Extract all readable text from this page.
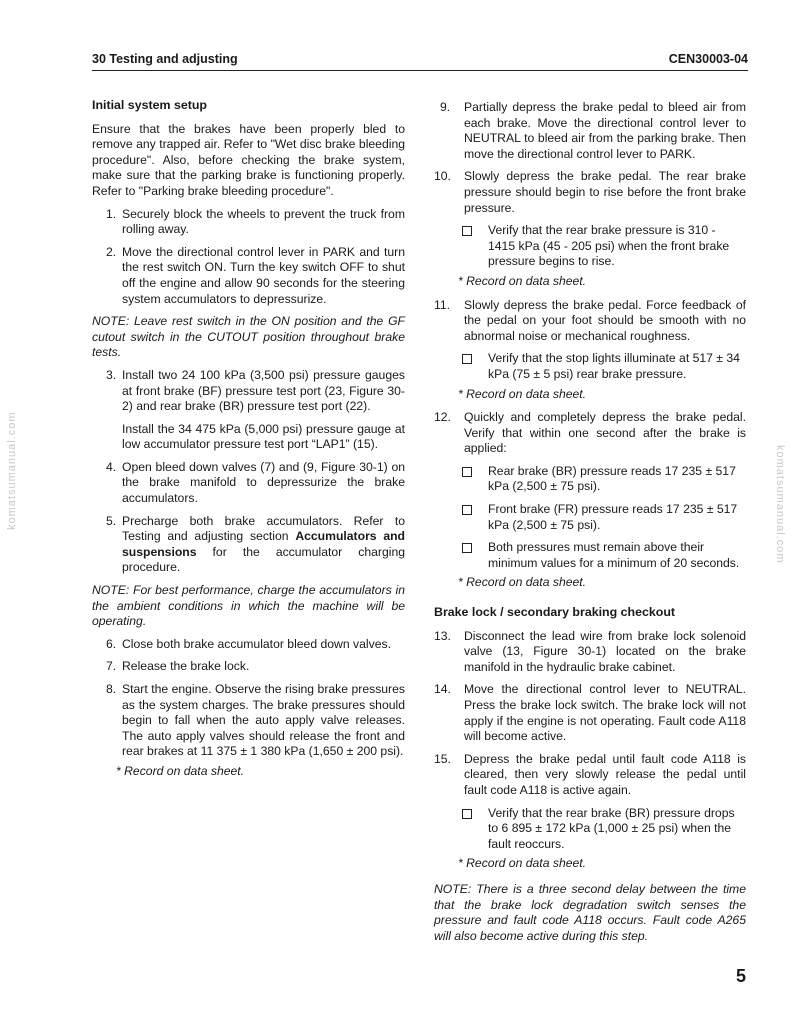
30 Testing and adjusting	CEN30003-04
komatsumanual.com	komatsumanual.com
Initial system setup

Ensure that the brakes have been properly bled to remove any trapped air. Refer to "Wet disc brake bleeding procedure". Also, before checking the brake system, make sure that the parking brake is functioning properly. Refer to "Parking brake bleeding procedure".

1. Securely block the wheels to prevent the truck from rolling away.
2. Move the directional control lever in PARK and turn the rest switch ON. Turn the key switch OFF to shut off the engine and allow 90 seconds for the steering system accumulators to depressurize.

NOTE: Leave rest switch in the ON position and the GF cutout switch in the CUTOUT position throughout brake tests.

3. Install two 24 100 kPa (3,500 psi) pressure gauges at front brake (BF) pressure test port (23, Figure 30-2) and rear brake (BR) pressure test port (22).
Install the 34 475 kPa (5,000 psi) pressure gauge at low accumulator pressure test port “LAP1” (15).
4. Open bleed down valves (7) and (9, Figure 30-1) on the brake manifold to depressurize the brake accumulators.
5. Precharge both brake accumulators. Refer to Testing and adjusting section Accumulators and suspensions for the accumulator charging procedure.

NOTE: For best performance, charge the accumulators in the ambient conditions in which the machine will be operating.

6. Close both brake accumulator bleed down valves.
7. Release the brake lock.
8. Start the engine. Observe the rising brake pressures as the system charges. The brake pressures should begin to fall when the auto apply valve releases. The auto apply valves should release the front and rear brakes at 11 375 ± 1 380 kPa (1,650 ± 200 psi).
* Record on data sheet.
9. Partially depress the brake pedal to bleed air from each brake. Move the directional control lever to NEUTRAL to bleed air from the parking brake. Then move the directional control lever to PARK.
10. Slowly depress the brake pedal. The rear brake pressure should begin to rise before the front brake pressure.
Verify that the rear brake pressure is 310 - 1415 kPa (45 - 205 psi) when the front brake pressure begins to rise.
* Record on data sheet.
11. Slowly depress the brake pedal. Force feedback of the pedal on your foot should be smooth with no abnormal noise or mechanical roughness.
Verify that the stop lights illuminate at 517 ± 34 kPa (75 ± 5 psi) rear brake pressure.
* Record on data sheet.
12. Quickly and completely depress the brake pedal. Verify that within one second after the brake is applied:
Rear brake (BR) pressure reads 17 235 ± 517 kPa (2,500 ± 75 psi).
Front brake (FR) pressure reads 17 235 ± 517 kPa (2,500 ± 75 psi).
Both pressures must remain above their minimum values for a minimum of 20 seconds.
* Record on data sheet.
Brake lock / secondary braking checkout
13. Disconnect the lead wire from brake lock solenoid valve (13, Figure 30-1) located on the brake manifold in the hydraulic brake cabinet.
14. Move the directional control lever to NEUTRAL. Press the brake lock switch. The brake lock will not apply if the engine is not operating. Fault code A118 will become active.
15. Depress the brake pedal until fault code A118 is cleared, then very slowly release the pedal until fault code A118 is active again.
Verify that the rear brake (BR) pressure drops to 6 895 ± 172 kPa (1,000 ± 25 psi) when the fault reoccurs.
* Record on data sheet.

NOTE: There is a three second delay between the time that the brake lock degradation switch senses the pressure and fault code A118 occurs. Fault code A265 will also become active during this step.

5
